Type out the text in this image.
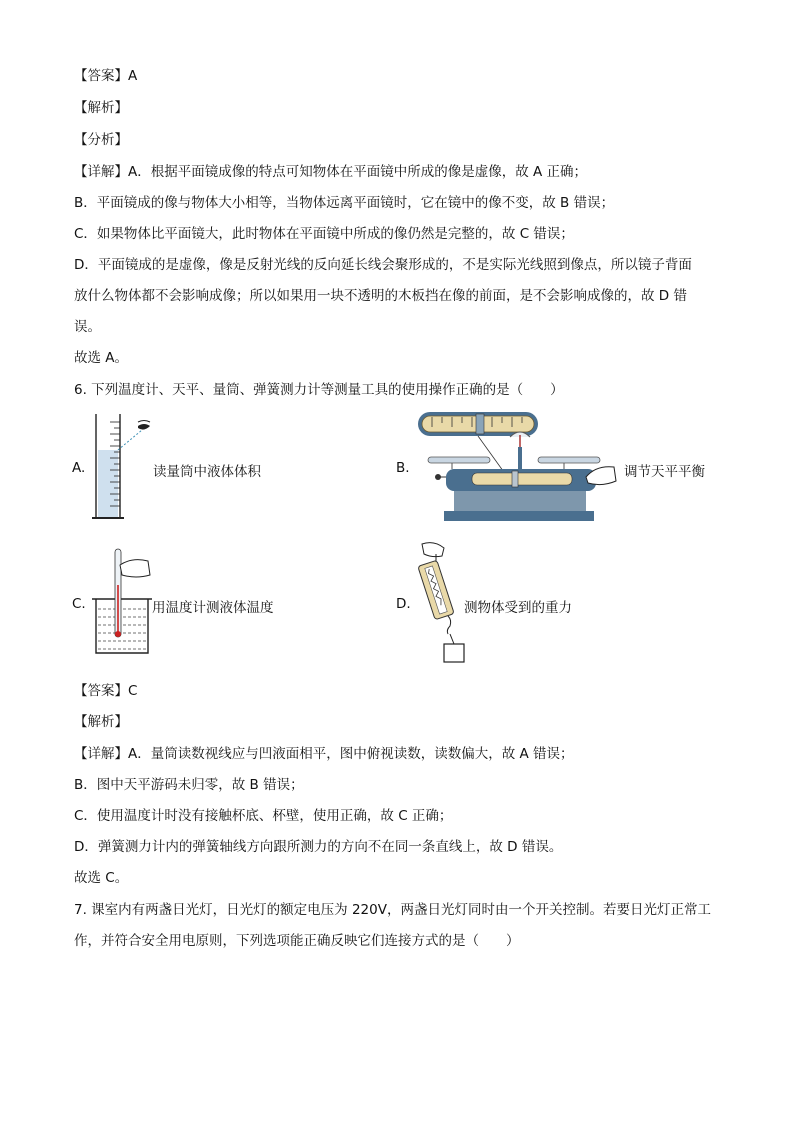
【答案】A
【解析】
【分析】
【详解】A．根据平面镜成像的特点可知物体在平面镜中所成的像是虚像，故 A 正确；
B．平面镜成的像与物体大小相等，当物体远离平面镜时，它在镜中的像不变，故 B 错误；
C．如果物体比平面镜大，此时物体在平面镜中所成的像仍然是完整的，故 C 错误；
D．平面镜成的是虚像，像是反射光线的反向延长线会聚形成的，不是实际光线照到像点，所以镜子背面
放什么物体都不会影响成像；所以如果用一块不透明的木板挡在像的前面，是不会影响成像的，故 D 错
误。
故选 A。
6. 下列温度计、天平、量筒、弹簧测力计等测量工具的使用操作正确的是（　　）
A.	读量筒中液体体积	B.	调节天平平衡
C.	用温度计测液体温度	D.	测物体受到的重力
【答案】C
【解析】
【详解】A．量筒读数视线应与凹液面相平，图中俯视读数，读数偏大，故 A 错误；
B．图中天平游码未归零，故 B 错误；
C．使用温度计时没有接触杯底、杯壁，使用正确，故 C 正确；
D．弹簧测力计内的弹簧轴线方向跟所测力的方向不在同一条直线上，故 D 错误。
故选 C。
7. 课室内有两盏日光灯，日光灯的额定电压为 220V，两盏日光灯同时由一个开关控制。若要日光灯正常工
作，并符合安全用电原则，下列选项能正确反映它们连接方式的是（　　）
